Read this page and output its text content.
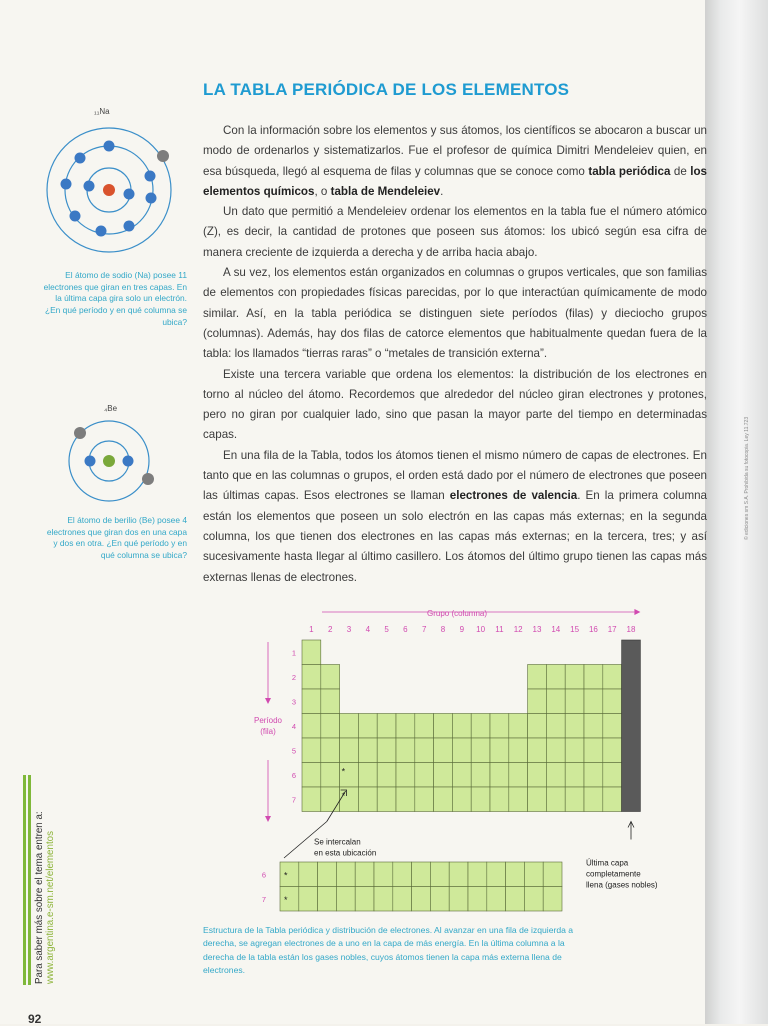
© ediciones sm S.A. Prohibida su fotocopia. Ley 11.723
LA TABLA PERIÓDICA DE LOS ELEMENTOS

Con la información sobre los elementos y sus átomos, los científicos se abocaron a buscar un modo de ordenarlos y sistematizarlos. Fue el profesor de química Dimitri Mendeleiev quien, en esa búsqueda, llegó al esquema de filas y columnas que se conoce como tabla periódica de los elementos químicos, o tabla de Mendeleiev.

Un dato que permitió a Mendeleiev ordenar los elementos en la tabla fue el número atómico (Z), es decir, la cantidad de protones que poseen sus átomos: los ubicó según esa cifra de manera creciente de izquierda a derecha y de arriba hacia abajo.

A su vez, los elementos están organizados en columnas o grupos verticales, que son familias de elementos con propiedades físicas parecidas, por lo que interactúan químicamente de modo similar. Así, en la tabla periódica se distinguen siete períodos (filas) y dieciocho grupos (columnas). Además, hay dos filas de catorce elementos que habitualmente quedan fuera de la tabla: los llamados “tierras raras” o “metales de transición externa”.

Existe una tercera variable que ordena los elementos: la distribución de los electrones en torno al núcleo del átomo. Recordemos que alrededor del núcleo giran electrones y protones, pero no giran por cualquier lado, sino que pasan la mayor parte del tiempo en determinadas capas.

En una fila de la Tabla, todos los átomos tienen el mismo número de capas de electrones. En tanto que en las columnas o grupos, el orden está dado por el número de electrones que poseen las últimas capas. Esos electrones se llaman electrones de valencia. En la primera columna están los elementos que poseen un solo electrón en las capas más externas; en la segunda columna, los que tienen dos electrones en las capas más externas; en la tercera, tres; y así sucesivamente hasta llegar al último casillero. Los átomos del último grupo tienen las capas más externas llenas de electrones.

₁₁Na
El átomo de sodio (Na) posee 11 electrones que giran en tres capas. En la última capa gira solo un electrón. ¿En qué período y en qué columna se ubica?
₄Be
El átomo de berilio (Be) posee 4 electrones que giran dos en una capa y dos en otra. ¿En qué período y en qué columna se ubica?
Grupo (columna)
1 2 3 4 5 6 7 8 9 10 11 12 13 14 15 16 17 18
1
2
3
4
5
6
7
*
*
Período
(fila)
Se intercalan
en esta ubicación
6 *
7 *
Última capa
completamente
llena (gases nobles)
Estructura de la Tabla periódica y distribución de electrones. Al avanzar en una fila de izquierda a derecha, se agregan electrones de a uno en la capa de más energía. En la última columna a la derecha de la tabla están los gases nobles, cuyos átomos tienen la capa más externa llena de electrones.
Para saber más sobre el tema entren a:
www.argentina.e-sm.net/elementos
92
